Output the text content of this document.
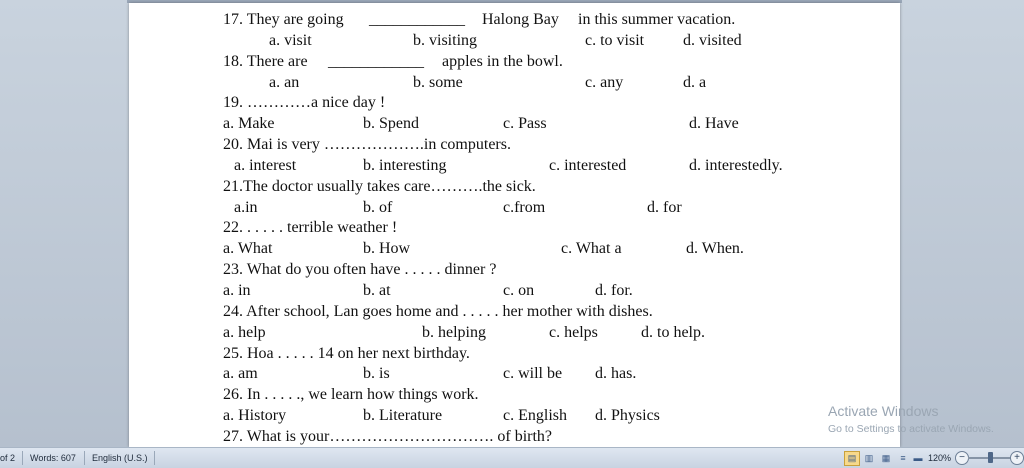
17. They are going ____________ Halong Bay in this summer vacation.
a. visit	b. visiting	c. to visit d. visited
18. There are ____________ apples in the bowl.
a. an	b. some	c. any	d. a
19. …………a nice day !
a. Make	b. Spend	c. Pass	d. Have
20. Mai is very ……………….in computers.
a. interest	b. interesting	c. interested	d. interestedly.
21.The doctor usually takes care……….the sick.
a.in	b. of	c.from	d. for
22. . . . . . terrible weather !
a. What	b. How	c. What a	d. When.
23. What do you often have . . . . . dinner ?
a. in	b. at	c. on	d. for.
24. After school, Lan goes home and . . . . . her mother with dishes.
a. help	b. helping	c. helps	d. to help.
25. Hoa . . . . . 14 on her next birthday.
a. am	b. is	c. will be d. has.
26. In . . . . ., we learn how things work.
a. History	b. Literature	c. English d. Physics
27. What is your…………………………. of birth?
Activate Windows
Go to Settings to activate Windows.
of 2 Words: 607 English (U.S.)	▤ ▥ ▦	≡ ▬ 120% −	+
